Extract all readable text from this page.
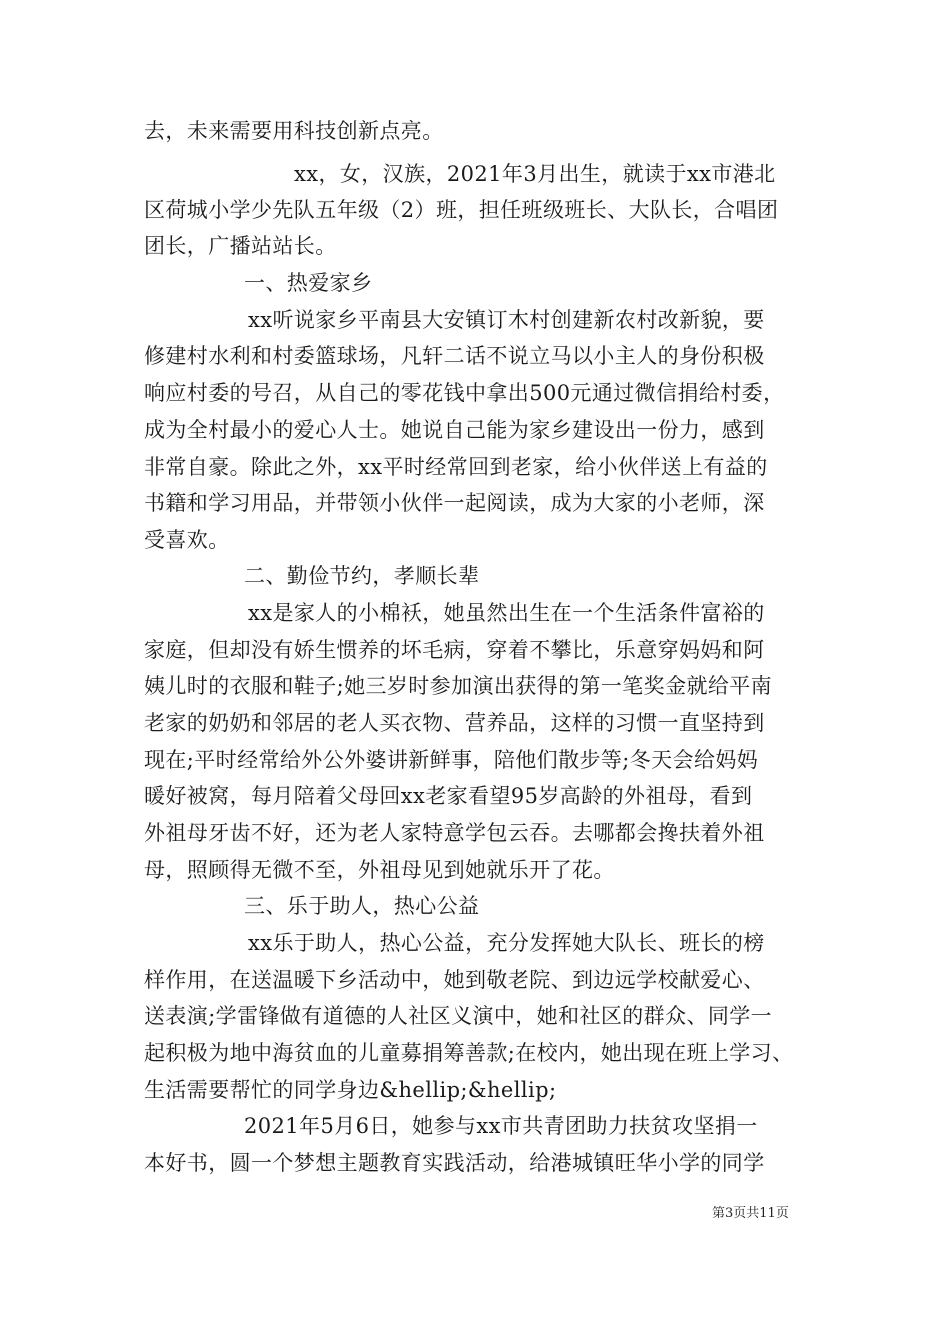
去，未来需要用科技创新点亮。
xx，女，汉族，2021年3月出生，就读于xx市港北
区荷城小学少先队五年级（2）班，担任班级班长、大队长，合唱团
团长，广播站站长。
一、热爱家乡
xx听说家乡平南县大安镇订木村创建新农村改新貌，要
修建村水利和村委篮球场，凡轩二话不说立马以小主人的身份积极
响应村委的号召，从自己的零花钱中拿出500元通过微信捐给村委，
成为全村最小的爱心人士。她说自己能为家乡建设出一份力，感到
非常自豪。除此之外，xx平时经常回到老家，给小伙伴送上有益的
书籍和学习用品，并带领小伙伴一起阅读，成为大家的小老师，深
受喜欢。
二、勤俭节约，孝顺长辈
xx是家人的小棉袄，她虽然出生在一个生活条件富裕的
家庭，但却没有娇生惯养的坏毛病，穿着不攀比，乐意穿妈妈和阿
姨儿时的衣服和鞋子;她三岁时参加演出获得的第一笔奖金就给平南
老家的奶奶和邻居的老人买衣物、营养品，这样的习惯一直坚持到
现在;平时经常给外公外婆讲新鲜事，陪他们散步等;冬天会给妈妈
暖好被窝，每月陪着父母回xx老家看望95岁高龄的外祖母，看到
外祖母牙齿不好，还为老人家特意学包云吞。去哪都会搀扶着外祖
母，照顾得无微不至，外祖母见到她就乐开了花。
三、乐于助人，热心公益
xx乐于助人，热心公益，充分发挥她大队长、班长的榜
样作用，在送温暖下乡活动中，她到敬老院、到边远学校献爱心、
送表演;学雷锋做有道德的人社区义演中，她和社区的群众、同学一
起积极为地中海贫血的儿童募捐筹善款;在校内，她出现在班上学习、
生活需要帮忙的同学身边&hellip;&hellip;
2021年5月6日，她参与xx市共青团助力扶贫攻坚捐一
本好书，圆一个梦想主题教育实践活动，给港城镇旺华小学的同学
第3页共11页
